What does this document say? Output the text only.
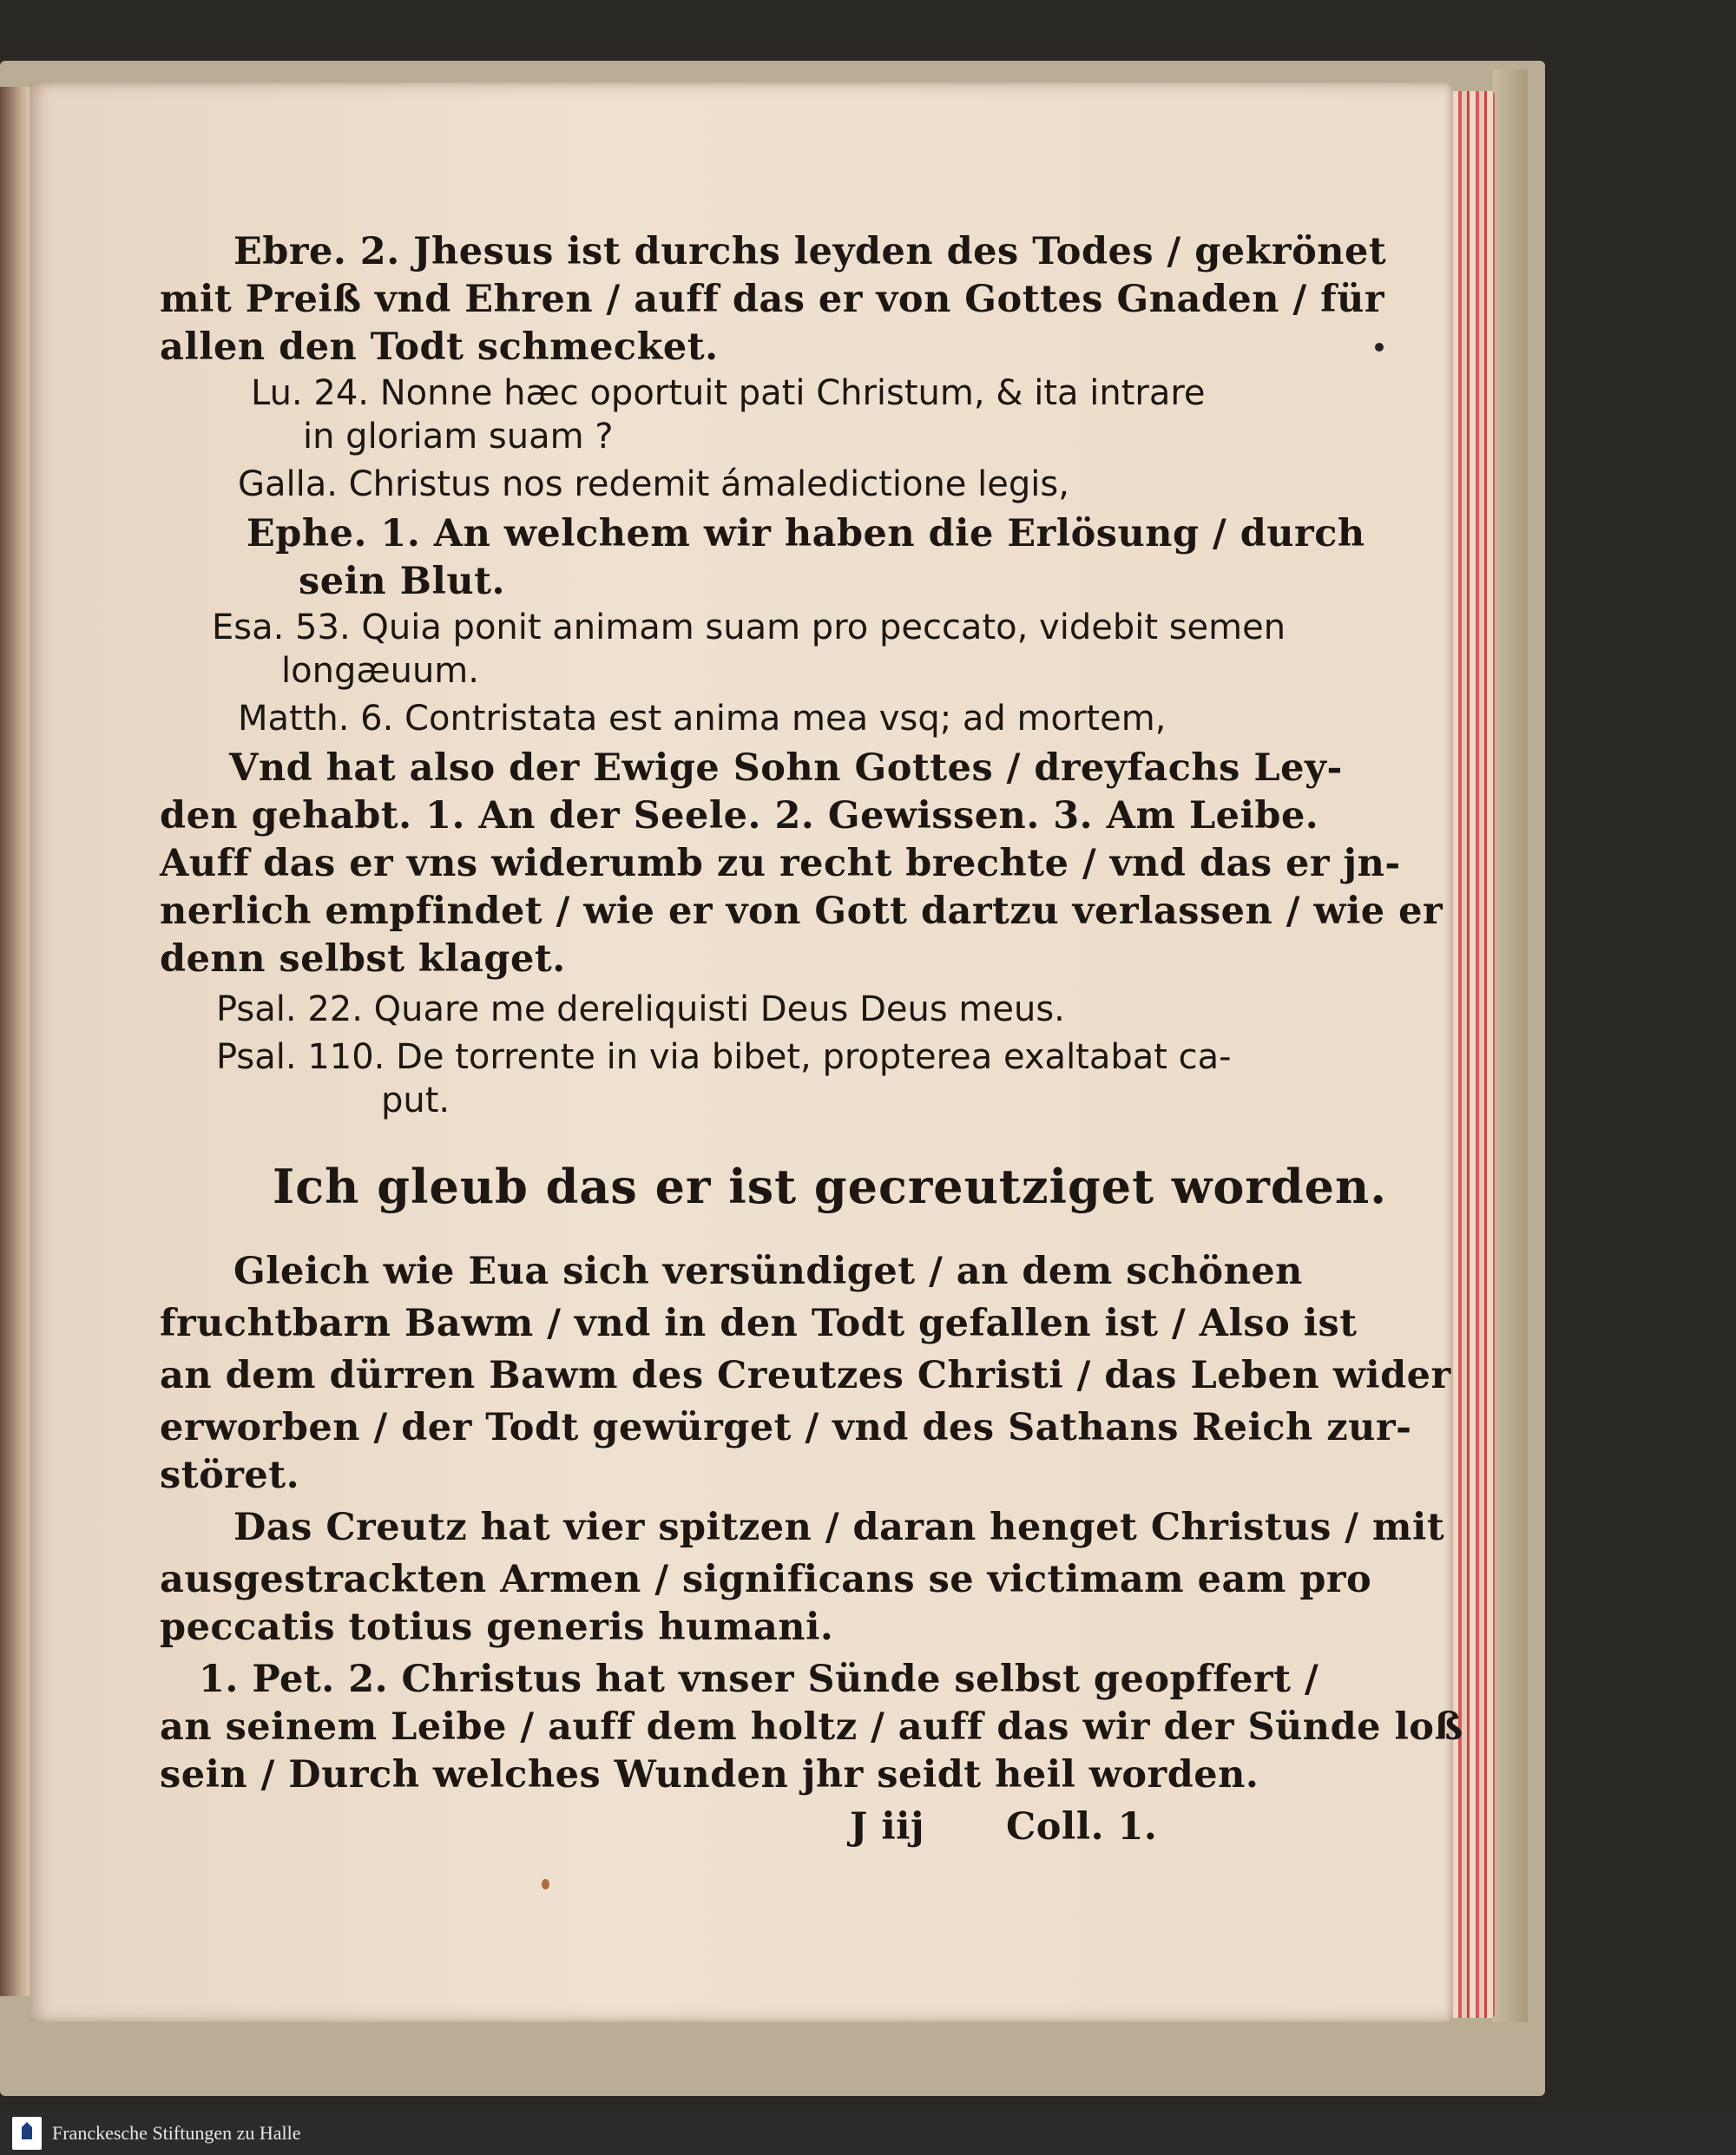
Ebre. 2. Jhesus ist durchs leyden des Todes / gekrönet
mit Preiß vnd Ehren / auff das er von Gottes Gnaden / für
allen den Todt schmecket.
Lu. 24. Nonne hæc oportuit pati Christum, & ita intrare
in gloriam suam ?
Galla. Christus nos redemit ámaledictione legis,
Ephe. 1. An welchem wir haben die Erlösung / durch
sein Blut.
Esa. 53. Quia ponit animam suam pro peccato, videbit semen
longæuum.
Matth. 6. Contristata est anima mea vsq; ad mortem,
Vnd hat also der Ewige Sohn Gottes / dreyfachs Ley-
den gehabt. 1. An der Seele. 2. Gewissen. 3. Am Leibe.
Auff das er vns widerumb zu recht brechte / vnd das er jn-
nerlich empfindet / wie er von Gott dartzu verlassen / wie er
denn selbst klaget.
Psal. 22. Quare me dereliquisti Deus Deus meus.
Psal. 110. De torrente in via bibet, propterea exaltabat ca-
put.
Ich gleub das er ist gecreutziget worden.
Gleich wie Eua sich versündiget / an dem schönen
fruchtbarn Bawm / vnd in den Todt gefallen ist / Also ist
an dem dürren Bawm des Creutzes Christi / das Leben wider
erworben / der Todt gewürget / vnd des Sathans Reich zur-
störet.
Das Creutz hat vier spitzen / daran henget Christus / mit
ausgestrackten Armen / significans se victimam eam pro
peccatis totius generis humani.
1. Pet. 2. Christus hat vnser Sünde selbst geopffert /
an seinem Leibe / auff dem holtz / auff das wir der Sünde loß
sein / Durch welches Wunden jhr seidt heil worden.
J iij Coll. 1.
Franckesche Stiftungen zu Halle
